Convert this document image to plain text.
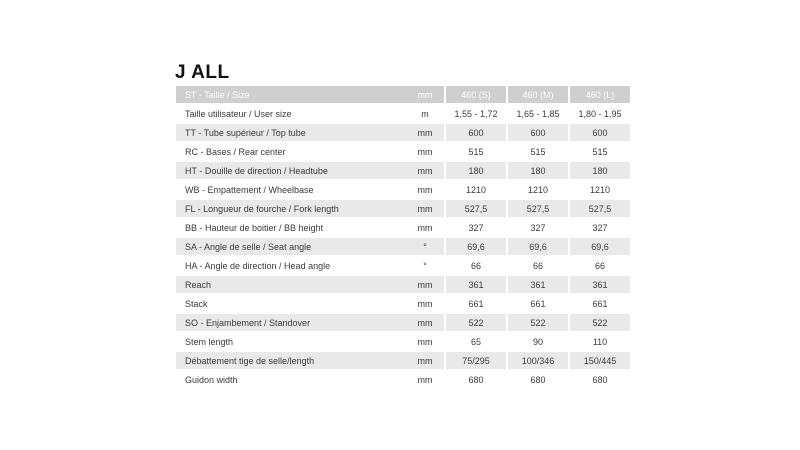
J ALL
ST - Taille / Size	mm	460 (S)	460 (M)	460 (L)
Taille utilisateur / User size	m	1,55 - 1,72	1,65 - 1,85	1,80 - 1,95
TT - Tube supérieur / Top tube	mm	600	600	600
RC - Bases / Rear center	mm	515	515	515
HT - Douille de direction / Headtube	mm	180	180	180
WB - Empattement / Wheelbase	mm	1210	1210	1210
FL - Longueur de fourche / Fork length	mm	527,5	527,5	527,5
BB - Hauteur de boitier / BB height	mm	327	327	327
SA - Angle de selle / Seat angle	°	69,6	69,6	69,6
HA - Angle de direction / Head angle	°	66	66	66
Reach	mm	361	361	361
Stack	mm	661	661	661
SO - Enjambement / Standover	mm	522	522	522
Stem length	mm	65	90	110
Débattement tige de selle/length	mm	75/295	100/346	150/445
Guidon width	mm	680	680	680
